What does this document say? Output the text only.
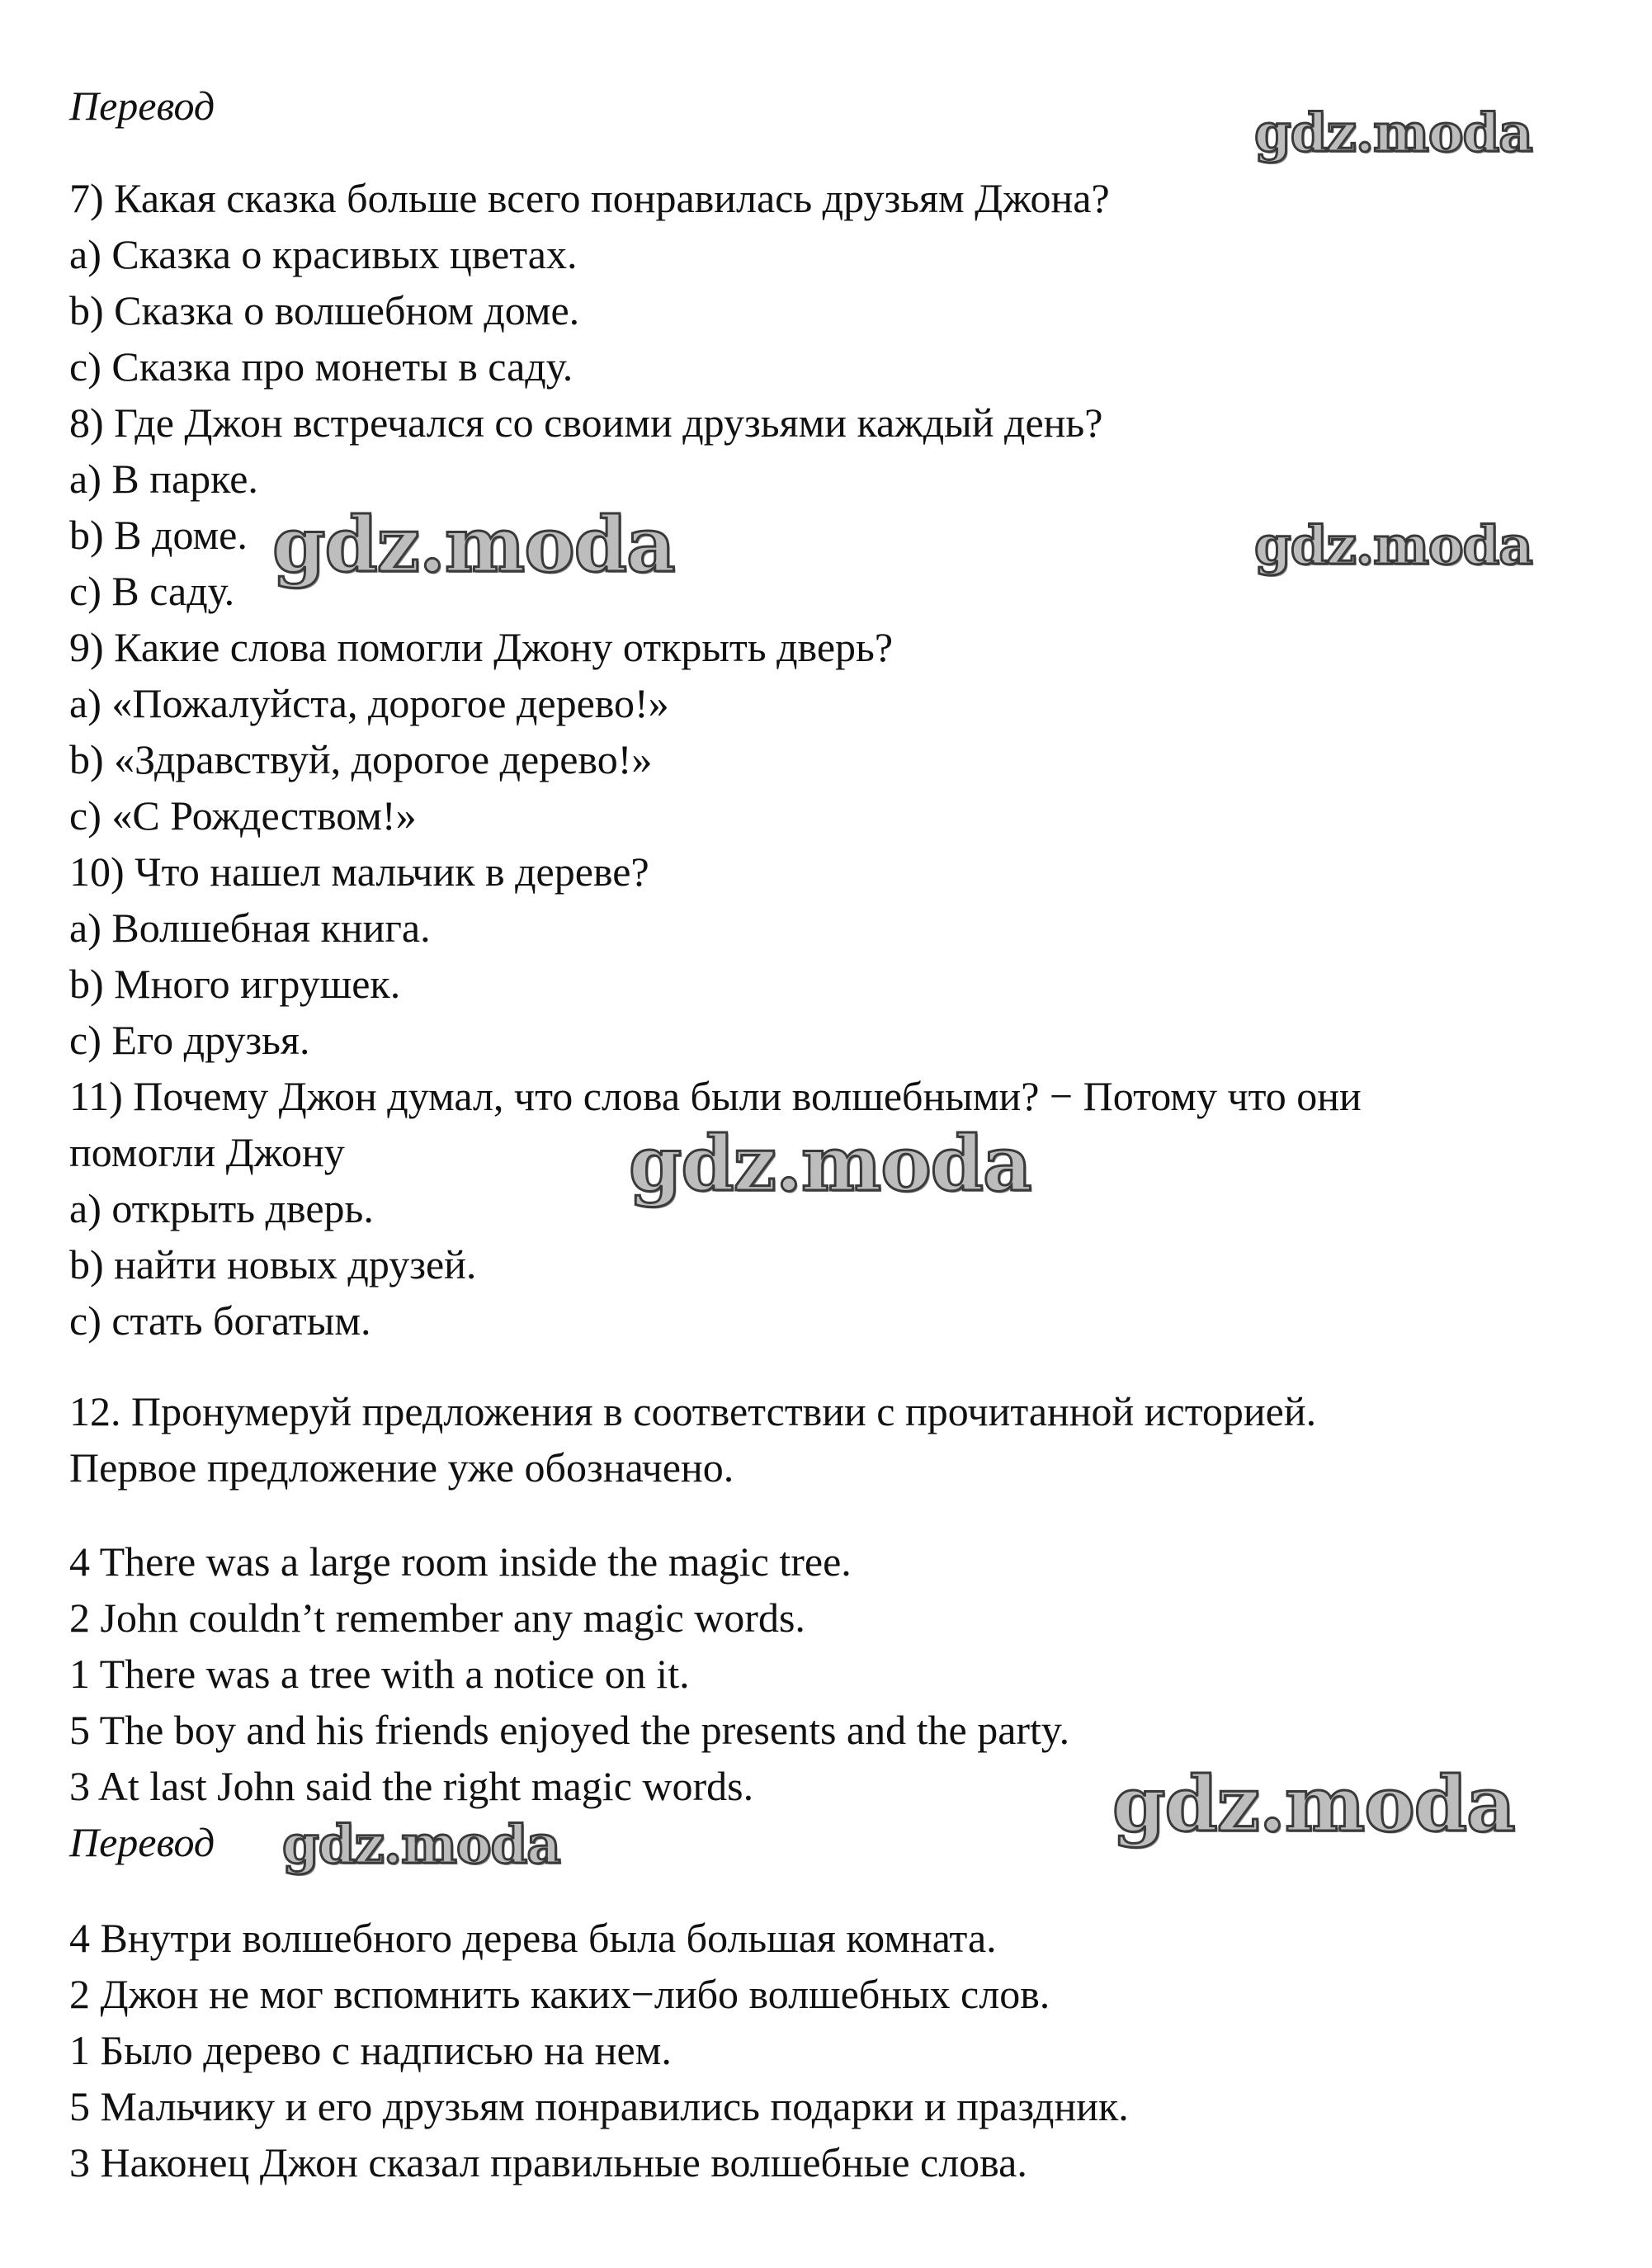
Перевод
7) Какая сказка больше всего понравилась друзьям Джона?
a) Сказка о красивых цветах.
b) Сказка о волшебном доме.
c) Сказка про монеты в саду.
8) Где Джон встречался со своими друзьями каждый день?
a) В парке.
b) В доме.
c) В саду.
9) Какие слова помогли Джону открыть дверь?
a) «Пожалуйста, дорогое дерево!»
b) «Здравствуй, дорогое дерево!»
c) «С Рождеством!»
10) Что нашел мальчик в дереве?
a) Волшебная книга.
b) Много игрушек.
c) Его друзья.
11) Почему Джон думал, что слова были волшебными? − Потому что они
помогли Джону
a) открыть дверь.
b) найти новых друзей.
c) стать богатым.
12. Пронумеруй предложения в соответствии с прочитанной историей.
Первое предложение уже обозначено.
4 There was a large room inside the magic tree.
2 John couldn’t remember any magic words.
1 There was a tree with a notice on it.
5 The boy and his friends enjoyed the presents and the party.
3 At last John said the right magic words.
Перевод
4 Внутри волшебного дерева была большая комната.
2 Джон не мог вспомнить каких−либо волшебных слов.
1 Было дерево с надписью на нем.
5 Мальчику и его друзьям понравились подарки и праздник.
3 Наконец Джон сказал правильные волшебные слова.
gdz.moda
gdz.moda	gdz.moda
gdz.moda
gdz.moda
gdz.moda
